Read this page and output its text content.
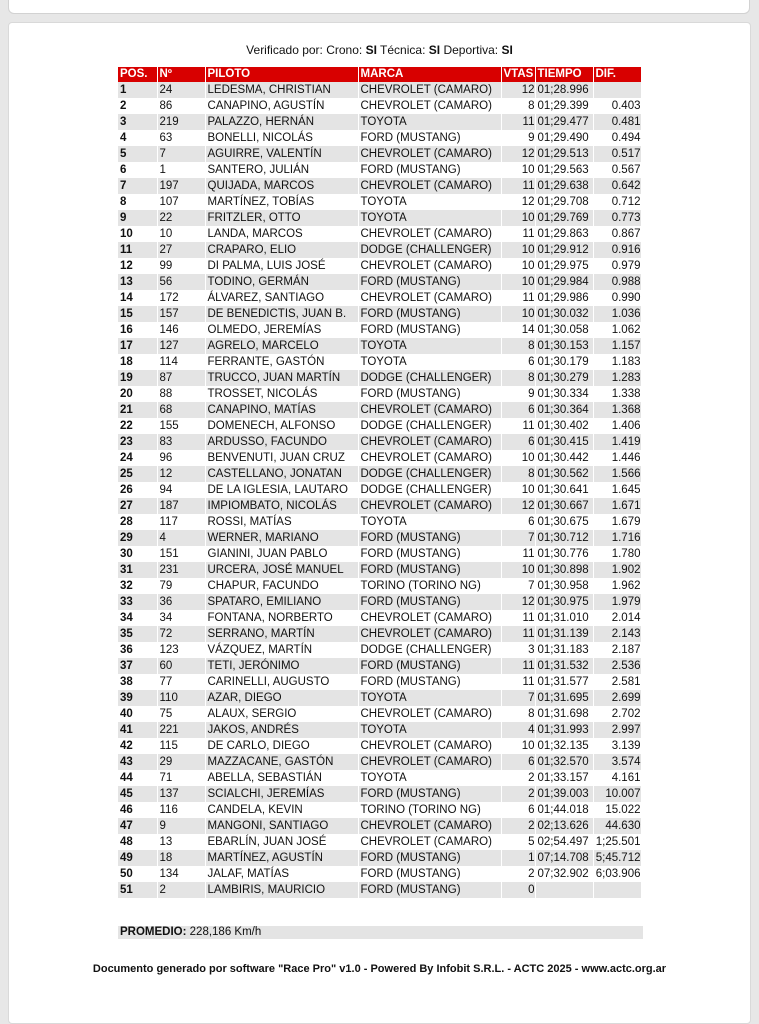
Verificado por: Crono: SI Técnica: SI Deportiva: SI
POS.	Nº	PILOTO	MARCA	VTAS	TIEMPO	DIF.
1	24	LEDESMA, CHRISTIAN	CHEVROLET (CAMARO)	12	01;28.996	
2	86	CANAPINO, AGUSTÍN	CHEVROLET (CAMARO)	8	01;29.399	0.403
3	219	PALAZZO, HERNÁN	TOYOTA	11	01;29.477	0.481
4	63	BONELLI, NICOLÁS	FORD (MUSTANG)	9	01;29.490	0.494
5	7	AGUIRRE, VALENTÍN	CHEVROLET (CAMARO)	12	01;29.513	0.517
6	1	SANTERO, JULIÁN	FORD (MUSTANG)	10	01;29.563	0.567
7	197	QUIJADA, MARCOS	CHEVROLET (CAMARO)	11	01;29.638	0.642
8	107	MARTÍNEZ, TOBÍAS	TOYOTA	12	01;29.708	0.712
9	22	FRITZLER, OTTO	TOYOTA	10	01;29.769	0.773
10	10	LANDA, MARCOS	CHEVROLET (CAMARO)	11	01;29.863	0.867
11	27	CRAPARO, ELIO	DODGE (CHALLENGER)	10	01;29.912	0.916
12	99	DI PALMA, LUIS JOSÉ	CHEVROLET (CAMARO)	10	01;29.975	0.979
13	56	TODINO, GERMÁN	FORD (MUSTANG)	10	01;29.984	0.988
14	172	ÁLVAREZ, SANTIAGO	CHEVROLET (CAMARO)	11	01;29.986	0.990
15	157	DE BENEDICTIS, JUAN B.	FORD (MUSTANG)	10	01;30.032	1.036
16	146	OLMEDO, JEREMÍAS	FORD (MUSTANG)	14	01;30.058	1.062
17	127	AGRELO, MARCELO	TOYOTA	8	01;30.153	1.157
18	114	FERRANTE, GASTÓN	TOYOTA	6	01;30.179	1.183
19	87	TRUCCO, JUAN MARTÍN	DODGE (CHALLENGER)	8	01;30.279	1.283
20	88	TROSSET, NICOLÁS	FORD (MUSTANG)	9	01;30.334	1.338
21	68	CANAPINO, MATÍAS	CHEVROLET (CAMARO)	6	01;30.364	1.368
22	155	DOMENECH, ALFONSO	DODGE (CHALLENGER)	11	01;30.402	1.406
23	83	ARDUSSO, FACUNDO	CHEVROLET (CAMARO)	6	01;30.415	1.419
24	96	BENVENUTI, JUAN CRUZ	CHEVROLET (CAMARO)	10	01;30.442	1.446
25	12	CASTELLANO, JONATAN	DODGE (CHALLENGER)	8	01;30.562	1.566
26	94	DE LA IGLESIA, LAUTARO	DODGE (CHALLENGER)	10	01;30.641	1.645
27	187	IMPIOMBATO, NICOLÁS	CHEVROLET (CAMARO)	12	01;30.667	1.671
28	117	ROSSI, MATÍAS	TOYOTA	6	01;30.675	1.679
29	4	WERNER, MARIANO	FORD (MUSTANG)	7	01;30.712	1.716
30	151	GIANINI, JUAN PABLO	FORD (MUSTANG)	11	01;30.776	1.780
31	231	URCERA, JOSÉ MANUEL	FORD (MUSTANG)	10	01;30.898	1.902
32	79	CHAPUR, FACUNDO	TORINO (TORINO NG)	7	01;30.958	1.962
33	36	SPATARO, EMILIANO	FORD (MUSTANG)	12	01;30.975	1.979
34	34	FONTANA, NORBERTO	CHEVROLET (CAMARO)	11	01;31.010	2.014
35	72	SERRANO, MARTÍN	CHEVROLET (CAMARO)	11	01;31.139	2.143
36	123	VÁZQUEZ, MARTÍN	DODGE (CHALLENGER)	3	01;31.183	2.187
37	60	TETI, JERÓNIMO	FORD (MUSTANG)	11	01;31.532	2.536
38	77	CARINELLI, AUGUSTO	FORD (MUSTANG)	11	01;31.577	2.581
39	110	AZAR, DIEGO	TOYOTA	7	01;31.695	2.699
40	75	ALAUX, SERGIO	CHEVROLET (CAMARO)	8	01;31.698	2.702
41	221	JAKOS, ANDRÉS	TOYOTA	4	01;31.993	2.997
42	115	DE CARLO, DIEGO	CHEVROLET (CAMARO)	10	01;32.135	3.139
43	29	MAZZACANE, GASTÓN	CHEVROLET (CAMARO)	6	01;32.570	3.574
44	71	ABELLA, SEBASTIÁN	TOYOTA	2	01;33.157	4.161
45	137	SCIALCHI, JEREMÍAS	FORD (MUSTANG)	2	01;39.003	10.007
46	116	CANDELA, KEVIN	TORINO (TORINO NG)	6	01;44.018	15.022
47	9	MANGONI, SANTIAGO	CHEVROLET (CAMARO)	2	02;13.626	44.630
48	13	EBARLÍN, JUAN JOSÉ	CHEVROLET (CAMARO)	5	02;54.497	1;25.501
49	18	MARTÍNEZ, AGUSTÍN	FORD (MUSTANG)	1	07;14.708	5;45.712
50	134	JALAF, MATÍAS	FORD (MUSTANG)	2	07;32.902	6;03.906
51	2	LAMBIRIS, MAURICIO	FORD (MUSTANG)	0		
PROMEDIO: 228,186 Km/h
Documento generado por software "Race Pro" v1.0 - Powered By Infobit S.R.L. - ACTC 2025 - www.actc.org.ar
